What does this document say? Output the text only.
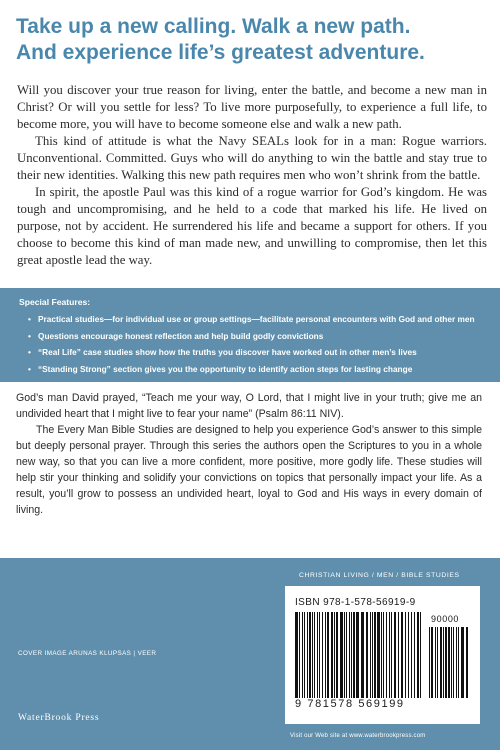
Take up a new calling. Walk a new path.
And experience life’s greatest adventure.

Will you discover your true reason for living, enter the battle, and become a new man in Christ? Or will you settle for less? To live more purposefully, to experience a full life, to become more, you will have to become someone else and walk a new path.

This kind of attitude is what the Navy SEALs look for in a man: Rogue warriors. Unconventional. Committed. Guys who will do anything to win the battle and stay true to their new identities. Walking this new path requires men who won’t shrink from the battle.

In spirit, the apostle Paul was this kind of a rogue warrior for God’s kingdom. He was tough and uncompromising, and he held to a code that marked his life. He lived on purpose, not by accident. He surrendered his life and became a support for others. If you choose to become this kind of man made new, and unwilling to compromise, then let this great apostle lead the way.

Special Features:
• Practical studies—for individual use or group settings—facilitate personal encounters with God and other men
• Questions encourage honest reflection and help build godly convictions
• “Real Life” case studies show how the truths you discover have worked out in other men’s lives
• “Standing Strong” section gives you the opportunity to identify action steps for lasting change

God’s man David prayed, “Teach me your way, O Lord, that I might live in your truth; give me an undivided heart that I might live to fear your name” (Psalm 86:11 NIV).

The Every Man Bible Studies are designed to help you experience God’s answer to this simple but deeply personal prayer. Through this series the authors open the Scriptures to you in a whole new way, so that you can live a more confident, more positive, more godly life. These studies will help stir your thinking and solidify your convictions on topics that personally impact your life. As a result, you’ll grow to possess an undivided heart, loyal to God and His ways in every domain of living.

CHRISTIAN LIVING / MEN / BIBLE STUDIES
COVER IMAGE ARUNAS KLUPSAS | VEER
WaterBrook Press
Visit our Web site at www.waterbrookpress.com
ISBN 978-1-578-56919-9
90000
9 781578 569199
